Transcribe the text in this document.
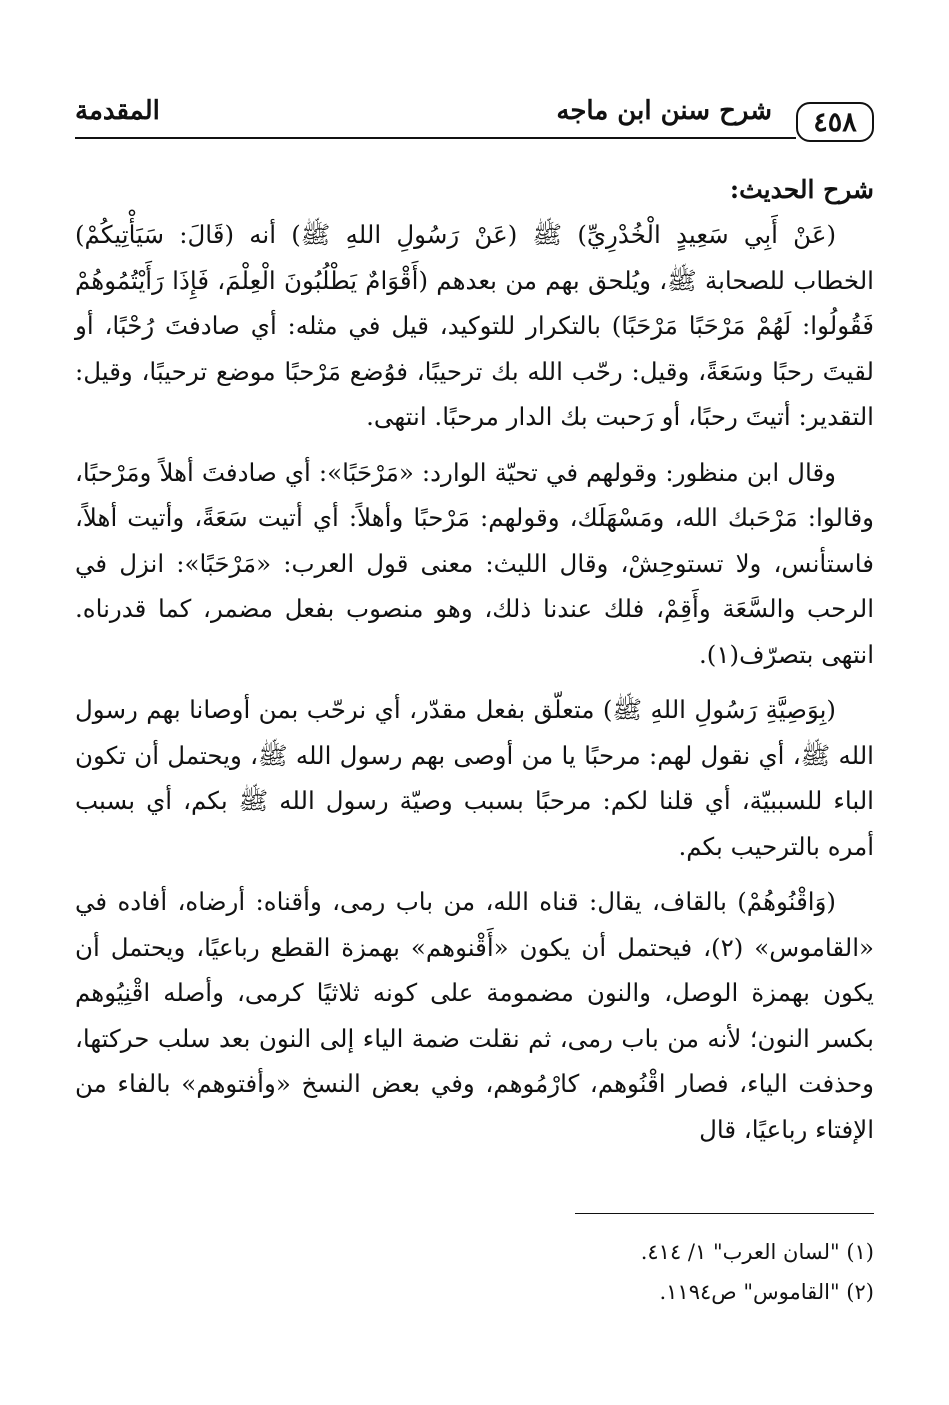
٤٥٨
شرح سنن ابن ماجه
المقدمة

شرح الحديث:

(عَنْ أَبِي سَعِيدٍ الْخُدْرِيِّ) ﷺ (عَنْ رَسُولِ اللهِ ﷺ) أنه (قَالَ: سَيَأْتِيكُمْ) الخطاب للصحابة ﷺ، ويُلحق بهم من بعدهم (أَقْوَامٌ يَطْلُبُونَ الْعِلْمَ، فَإِذَا رَأَيْتُمُوهُمْ فَقُولُوا: لَهُمْ مَرْحَبًا مَرْحَبًا) بالتكرار للتوكيد، قيل في مثله: أي صادفتَ رُحْبًا، أو لقيتَ رحبًا وسَعَةً، وقيل: رحّب الله بك ترحيبًا، فوُضع مَرْحبًا موضع ترحيبًا، وقيل: التقدير: أتيتَ رحبًا، أو رَحبت بك الدار مرحبًا. انتهى.

وقال ابن منظور: وقولهم في تحيّة الوارد: «مَرْحَبًا»: أي صادفتَ أهلاً ومَرْحبًا، وقالوا: مَرْحَبك الله، ومَسْهَلَك، وقولهم: مَرْحبًا وأهلاً: أي أتيت سَعَةً، وأتيت أهلاً، فاستأنس، ولا تستوحِشْ، وقال الليث: معنى قول العرب: «مَرْحَبًا»: انزل في الرحب والسَّعَة وأَقِمْ، فلك عندنا ذلك، وهو منصوب بفعل مضمر، كما قدرناه. انتهى بتصرّف(١).

(بِوَصِيَّةِ رَسُولِ اللهِ ﷺ) متعلّق بفعل مقدّر، أي نرحّب بمن أوصانا بهم رسول الله ﷺ، أي نقول لهم: مرحبًا يا من أوصى بهم رسول الله ﷺ، ويحتمل أن تكون الباء للسببيّة، أي قلنا لكم: مرحبًا بسبب وصيّة رسول الله ﷺ بكم، أي بسبب أمره بالترحيب بكم.

(وَاقْنُوهُمْ) بالقاف، يقال: قناه الله، من باب رمى، وأقناه: أرضاه، أفاده في «القاموس» (٢)، فيحتمل أن يكون «أَقْنوهم» بهمزة القطع رباعيًا، ويحتمل أن يكون بهمزة الوصل، والنون مضمومة على كونه ثلاثيًا كرمى، وأصله اقْنِيُوهم بكسر النون؛ لأنه من باب رمى، ثم نقلت ضمة الياء إلى النون بعد سلب حركتها، وحذفت الياء، فصار اقْنُوهم، كارْمُوهم، وفي بعض النسخ «وأفتوهم» بالفاء من الإفتاء رباعيًا، قال

(١) "لسان العرب" ١/ ٤١٤.

(٢) "القاموس" ص١١٩٤.
